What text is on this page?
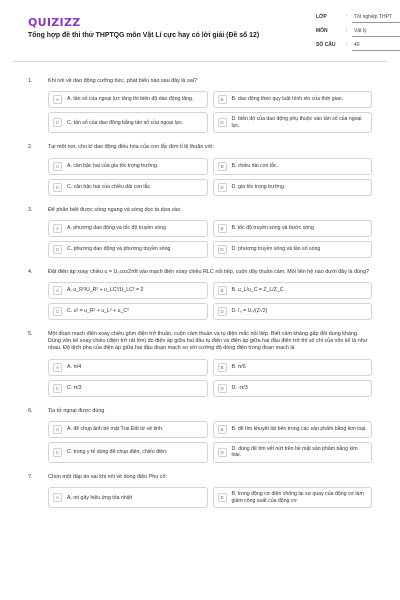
QUIZIZZ
Tổng hợp đề thi thử THPTQG môn Vật Lí cực hay có lời giải (Đề số 12)
LỚP	:	Tốt nghiệp THPT
MÔN	:	Vật lý
SỐ CÂU	:	40
1.	Khi nói về dao động cưỡng bức, phát biểu nào sau đây là sai?
A	A. tần số của ngoại lực tăng thì biên độ dao động tăng.	B	B. dao động theo quy luật hình sin của thời gian.
C	C. tần số của dao động bằng tần số của ngoại lực.	D
D. biên độ của dao động phụ thuộc vào tần số của ngoại lực.
2.	Tại một nơi, chu kì dao động điều hòa của con lắc đơn tỉ lệ thuận với:
A	A. căn bậc hai của gia tốc trọng trường.	B	B. chiều dài con lắc.
C	C. căn bậc hai của chiều dài con lắc.	D	D. gia tốc trọng trường.
3.	Để phân biệt được sóng ngang và sóng dọc ta dựa vào
A	A. phương dao động và tốc độ truyền sóng	B	B. tốc độ truyền sóng và bước sóng
C	C. phương dao động và phương truyền sóng	D	D. phương truyền sóng và tần số sóng
4.	Đặt điện áp xoay chiều u = U₀cos2πft vào mạch điện xoay chiều RLC nối tiếp, cuộn dây thuần cảm. Mối liên hệ nào dưới đây là đúng?
A	A. u_R²/U_R² + u_LC²/U_LC² = 2	B	B. u_L/u_C = Z_L/Z_C
C	C. u² = u_R² + u_L² + u_C²	D	D. I₀ = U₀/(Z√2)
5.	Một đoạn mạch điện xoay chiều gồm điện trở thuần, cuộn cảm thuần và tụ điện mắc nối tiếp. Biết cảm kháng gấp đôi dung kháng. Dùng vôn kế xoay chiều (điện trở rất lớn) đo điện áp giữa hai đầu tụ điện và điện áp giữa hai đầu điện trở thì số chỉ của vôn kế là như nhau. Độ lệch pha của điện áp giữa hai đầu đoạn mạch so với cường độ dòng điện trong đoạn mạch là
A	A. π/4	B	B. π/6
C	C. π/3	D	D. -π/3
6.	Tia tử ngoại được dùng
A	A. để chụp ảnh bề mặt Trái Đất từ vệ tinh.	B	B. để tìm khuyết tật bên trong các sản phẩm bằng kim loại.
C	C. trong y tế dùng để chụp điện, chiếu điện.	D
D. dùng để tìm vết nứt trên bề mặt sản phẩm bằng kim loại.
7.	Chọn một đáp án sai khi nói về dòng điện Phu cô:
A	A. nó gây hiệu ứng tỏa nhiệt	B
B. trong động cơ điện chống lại sự quay của động cơ làm giảm công suất của động cơ
